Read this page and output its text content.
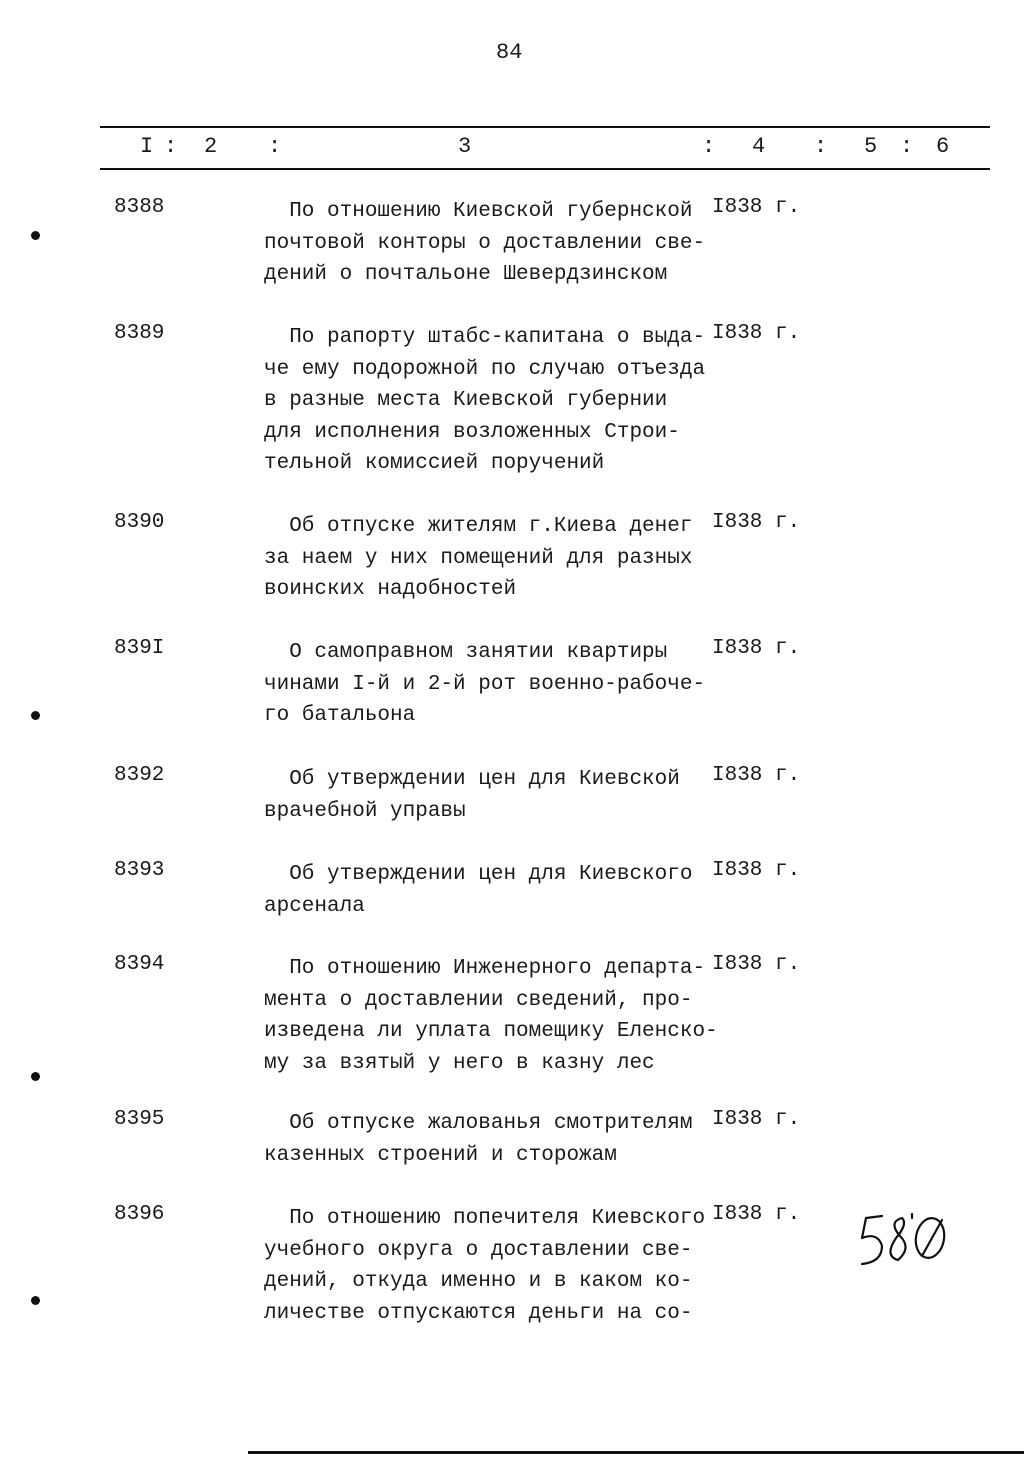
84
I : 2 :	3	: 4 : 5 : 6
8388	По отношению Киевской губернской
почтовой конторы о доставлении све-
дений о почтальоне Шевердзинском
I838 г.
8389	По рапорту штабс-капитана о выда-
че ему подорожной по случаю отъезда
в разные места Киевской губернии
для исполнения возложенных Строи-
тельной комиссией поручений
I838 г.
8390	Об отпуске жителям г.Киева денег
за наем у них помещений для разных
воинских надобностей
I838 г.
839I	О самоправном занятии квартиры
чинами I-й и 2-й рот военно-рабоче-
го батальона
I838 г.
8392	Об утверждении цен для Киевской
врачебной управы
I838 г.
8393	Об утверждении цен для Киевского
арсенала
I838 г.
8394	По отношению Инженерного департа-
мента о доставлении сведений, про-
изведена ли уплата помещику Еленско-
му за взятый у него в казну лес
I838 г.
8395	Об отпуске жалованья смотрителям
казенных строений и сторожам
I838 г.
8396	По отношению попечителя Киевского
учебного округа о доставлении све-
дений, откуда именно и в каком ко-
личестве отпускаются деньги на со-
I838 г.
